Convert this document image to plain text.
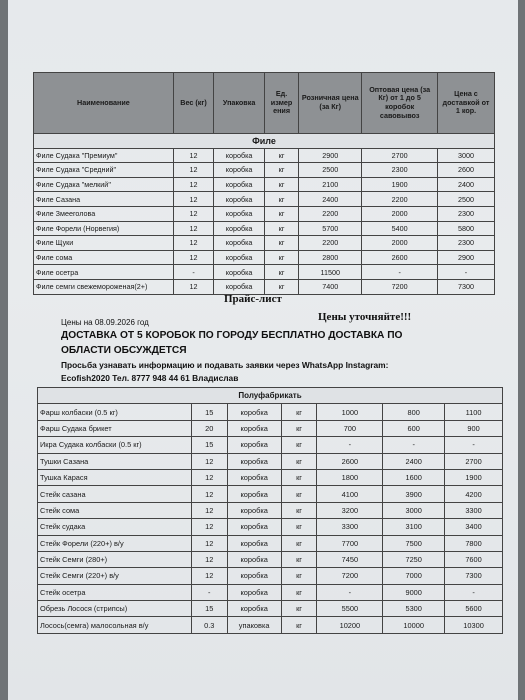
Наименование	Вес (кг)	Упаковка	Ед. измер ения	Розничная цена (за Кг)	Оптовая цена (за Кг) от 1 до 5 коробок савовывоз	Цена с доставкой от 1 кор.
Филе						
Филе Судака "Премиум"	12	коробка	кг	2900	2700	3000
Филе Судака "Средний"	12	коробка	кг	2500	2300	2600
Филе Судака "мелкий"	12	коробка	кг	2100	1900	2400
Филе Сазана	12	коробка	кг	2400	2200	2500
Филе Змееголова	12	коробка	кг	2200	2000	2300
Филе Форели (Норвегия)	12	коробка	кг	5700	5400	5800
Филе Щуки	12	коробка	кг	2200	2000	2300
Филе сома	12	коробка	кг	2800	2600	2900
Филе осетра	-	коробка	кг	11500	-	-
Филе семги свежемороженая(2+)	12	коробка	кг	7400	7200	7300
Прайс-лист
Цены уточняйте!!!
Цены на 08.09.2026 год
ДОСТАВКА ОТ 5 КОРОБОК ПО ГОРОДУ БЕСПЛАТНО ДОСТАВКА ПО
ОБЛАСТИ ОБСУЖДЕТСЯ
Просьба узнавать информацию и подавать заявки через WhatsApp Instagram:
Ecofish2020 Тел. 8777 948 44 61 Владислав
Полуфабрикать						
Фарш колбаски (0.5 кг)	15	коробка	кг	1000	800	1100
Фарш Судака брикет	20	коробка	кг	700	600	900
Икра Судака колбаски (0.5 кг)	15	коробка	кг	-	-	-
Тушки Сазана	12	коробка	кг	2600	2400	2700
Тушка Карася	12	коробка	кг	1800	1600	1900
Стейк сазана	12	коробка	кг	4100	3900	4200
Стейк сома	12	коробка	кг	3200	3000	3300
Стейк судака	12	коробка	кг	3300	3100	3400
Стейк Форели (220+) в/у	12	коробка	кг	7700	7500	7800
Стейк Семги (280+)	12	коробка	кг	7450	7250	7600
Стейк Семги (220+) в/у	12	коробка	кг	7200	7000	7300
Стейк осетра	-	коробка	кг	-	9000	-
Обрезь Лосося (стрипсы)	15	коробка	кг	5500	5300	5600
Лосось(семга) малосольная в/у	0.3	упаковка	кг	10200	10000	10300
